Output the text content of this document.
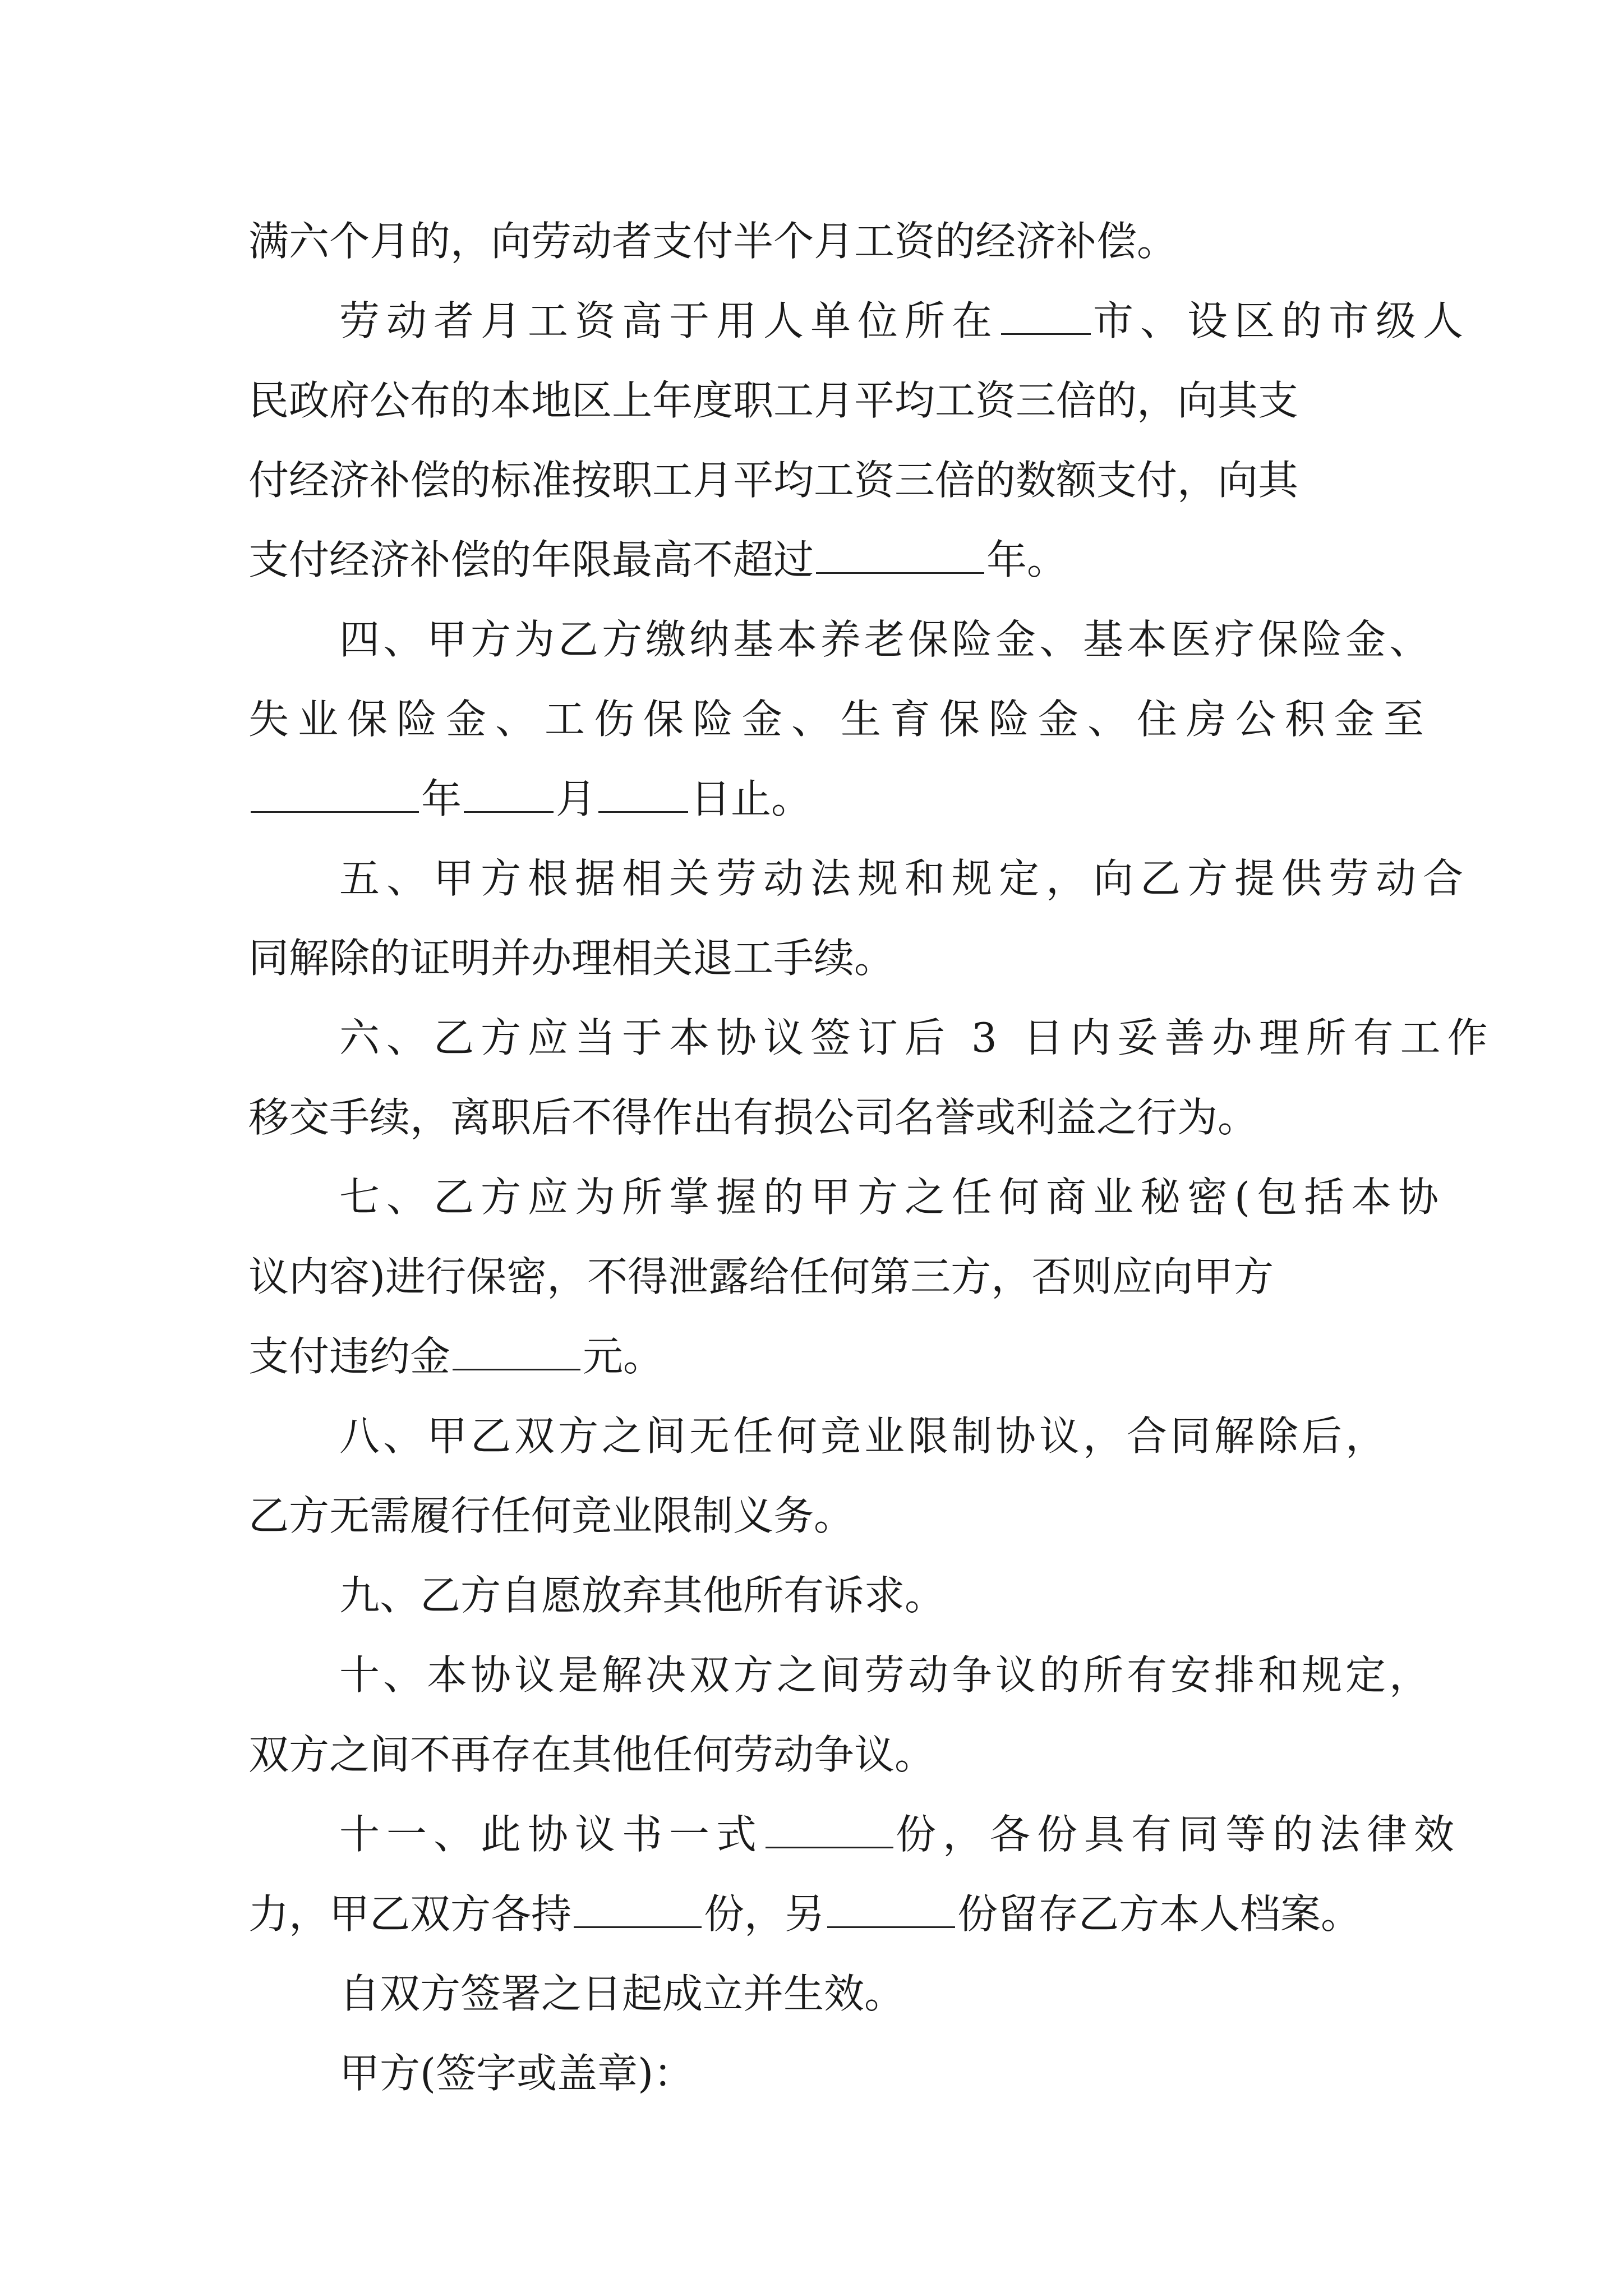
满六个月的，向劳动者支付半个月工资的经济补偿。
劳动者月工资高于用人单位所在 市、设区的市级人
民政府公布的本地区上年度职工月平均工资三倍的，向其支
付经济补偿的标准按职工月平均工资三倍的数额支付，向其
支付经济补偿的年限最高不超过	年。
四、甲方为乙方缴纳基本养老保险金、基本医疗保险金、
失业保险金、工伤保险金、生育保险金、住房公积金至
年 月 日止。
五、甲方根据相关劳动法规和规定，向乙方提供劳动合
同解除的证明并办理相关退工手续。
六、乙方应当于本协议签订后 3 日内妥善办理所有工作
移交手续，离职后不得作出有损公司名誉或利益之行为。
七、乙方应为所掌握的甲方之任何商业秘密(包括本协
议内容)进行保密，不得泄露给任何第三方，否则应向甲方
支付违约金	元。
八、甲乙双方之间无任何竞业限制协议，合同解除后，
乙方无需履行任何竞业限制义务。
九、乙方自愿放弃其他所有诉求。
十、本协议是解决双方之间劳动争议的所有安排和规定，
双方之间不再存在其他任何劳动争议。
十一、此协议书一式	份，各份具有同等的法律效
力，甲乙双方各持	份，另	份留存乙方本人档案。
自双方签署之日起成立并生效。
甲方(签字或盖章)：
